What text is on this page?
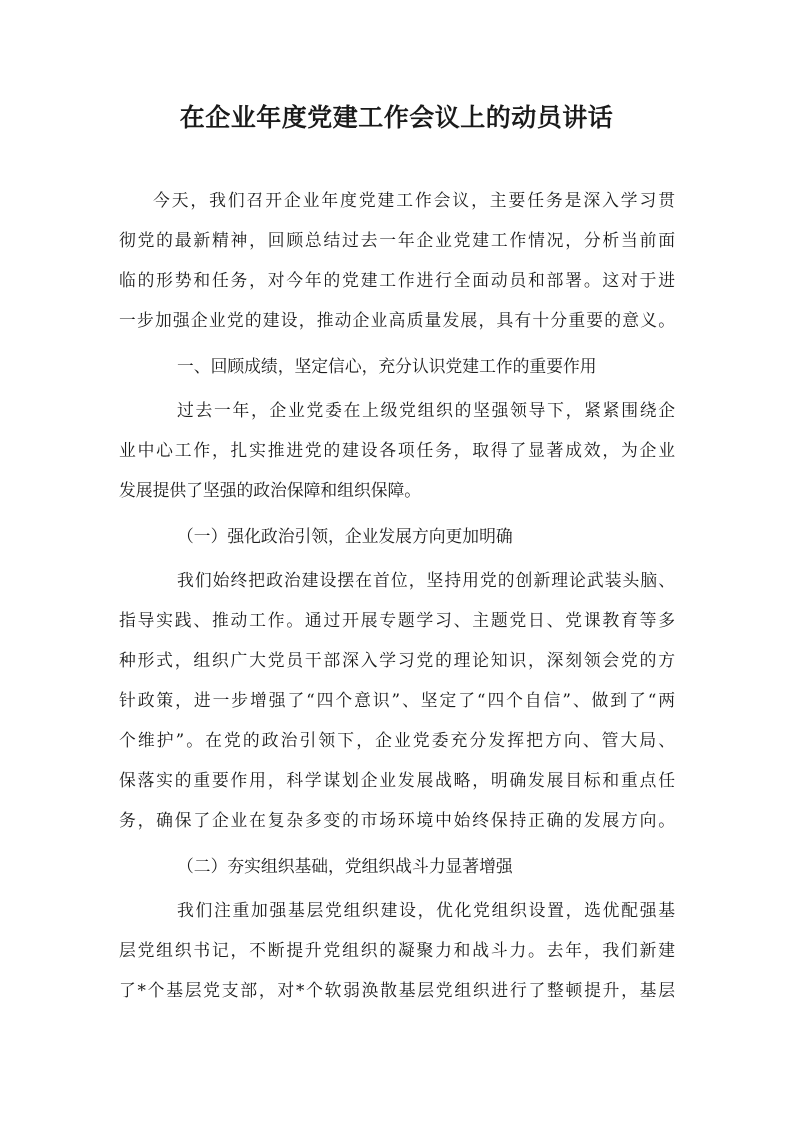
在企业年度党建工作会议上的动员讲话
今天，我们召开企业年度党建工作会议，主要任务是深入学习贯
彻党的最新精神，回顾总结过去一年企业党建工作情况，分析当前面
临的形势和任务，对今年的党建工作进行全面动员和部署。这对于进
一步加强企业党的建设，推动企业高质量发展，具有十分重要的意义。
一、回顾成绩，坚定信心，充分认识党建工作的重要作用
过去一年，企业党委在上级党组织的坚强领导下，紧紧围绕企
业中心工作，扎实推进党的建设各项任务，取得了显著成效，为企业
发展提供了坚强的政治保障和组织保障。
（一）强化政治引领，企业发展方向更加明确
我们始终把政治建设摆在首位，坚持用党的创新理论武装头脑、
指导实践、推动工作。通过开展专题学习、主题党日、党课教育等多
种形式，组织广大党员干部深入学习党的理论知识，深刻领会党的方
针政策，进一步增强了“四个意识”、坚定了“四个自信”、做到了“两
个维护”。在党的政治引领下，企业党委充分发挥把方向、管大局、
保落实的重要作用，科学谋划企业发展战略，明确发展目标和重点任
务，确保了企业在复杂多变的市场环境中始终保持正确的发展方向。
（二）夯实组织基础，党组织战斗力显著增强
我们注重加强基层党组织建设，优化党组织设置，选优配强基
层党组织书记，不断提升党组织的凝聚力和战斗力。去年，我们新建
了*个基层党支部，对*个软弱涣散基层党组织进行了整顿提升，基层
